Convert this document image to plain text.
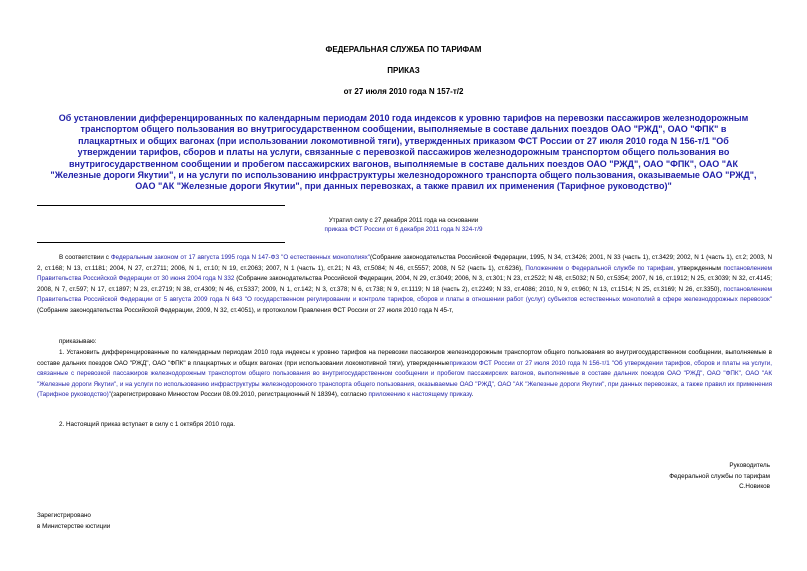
ФЕДЕРАЛЬНАЯ СЛУЖБА ПО ТАРИФАМ
ПРИКАЗ
от 27 июля 2010 года N 157-т/2
Об установлении дифференцированных по календарным периодам 2010 года индексов к уровню тарифов на перевозки пассажиров железнодорожным транспортом общего пользования во внутригосударственном сообщении, выполняемые в составе дальних поездов ОАО "РЖД", ОАО "ФПК" в плацкартных и общих вагонах (при использовании локомотивной тяги), утвержденных приказом ФСТ России от 27 июля 2010 года N 156-т/1 "Об утверждении тарифов, сборов и платы на услуги, связанные с перевозкой пассажиров железнодорожным транспортом общего пользования во внутригосударственном сообщении и пробегом пассажирских вагонов, выполняемые в составе дальних поездов ОАО "РЖД", ОАО "ФПК", ОАО "АК "Железные дороги Якутии", и на услуги по использованию инфраструктуры железнодорожного транспорта общего пользования, оказываемые ОАО "РЖД", ОАО "АК "Железные дороги Якутии", при данных перевозках, а также правил их применения (Тарифное руководство)"
Утратил силу с 27 декабря 2011 года на основании
приказа ФСТ России от 6 декабря 2011 года N 324-т/9
В соответствии с Федеральным законом от 17 августа 1995 года N 147-ФЗ "О естественных монополиях"(Собрание законодательства Российской Федерации, 1995, N 34, ст.3426; 2001, N 33 (часть 1), ст.3429; 2002, N 1 (часть 1), ст.2; 2003, N 2, ст.168; N 13, ст.1181; 2004, N 27, ст.2711; 2006, N 1, ст.10; N 19, ст.2063; 2007, N 1 (часть 1), ст.21; N 43, ст.5084; N 46, ст.5557; 2008, N 52 (часть 1), ст.6236), Положением о Федеральной службе по тарифам, утвержденным постановлением Правительства Российской Федерации от 30 июня 2004 года N 332 (Собрание законодательства Российской Федерации, 2004, N 29, ст.3049; 2006, N 3, ст.301; N 23, ст.2522; N 48, ст.5032; N 50, ст.5354; 2007, N 16, ст.1912; N 25, ст.3039; N 32, ст.4145; 2008, N 7, ст.597; N 17, ст.1897; N 23, ст.2719; N 38, ст.4309; N 46, ст.5337; 2009, N 1, ст.142; N 3, ст.378; N 6, ст.738; N 9, ст.1119; N 18 (часть 2), ст.2249; N 33, ст.4086; 2010, N 9, ст.960; N 13, ст.1514; N 25, ст.3169; N 26, ст.3350), постановлением Правительства Российской Федерации от 5 августа 2009 года N 643 "О государственном регулировании и контроле тарифов, сборов и платы в отношении работ (услуг) субъектов естественных монополий в сфере железнодорожных перевозок" (Собрание законодательства Российской Федерации, 2009, N 32, ст.4051), и протоколом Правления ФСТ России от 27 июля 2010 года N 45-т,
приказываю:
1. Установить дифференцированные по календарным периодам 2010 года индексы к уровню тарифов на перевозки пассажиров железнодорожным транспортом общего пользования во внутригосударственном сообщении, выполняемые в составе дальних поездов ОАО "РЖД", ОАО "ФПК" в плацкартных и общих вагонах (при использовании локомотивной тяги), утвержденныеприказом ФСТ России от 27 июля 2010 года N 156-т/1 "Об утверждении тарифов, сборов и платы на услуги, связанные с перевозкой пассажиров железнодорожным транспортом общего пользования во внутригосударственном сообщении и пробегом пассажирских вагонов, выполняемые в составе дальних поездов ОАО "РЖД", ОАО "ФПК", ОАО "АК "Железные дороги Якутии", и на услуги по использованию инфраструктуры железнодорожного транспорта общего пользования, оказываемые ОАО "РЖД", ОАО "АК "Железные дороги Якутии", при данных перевозках, а также правил их применения (Тарифное руководство)"(зарегистрировано Минюстом России 08.09.2010, регистрационный N 18394), согласно приложению к настоящему приказу.
2. Настоящий приказ вступает в силу с 1 октября 2010 года.
Руководитель
Федеральной службы по тарифам
С.Новиков
Зарегистрировано
в Министерстве юстиции
